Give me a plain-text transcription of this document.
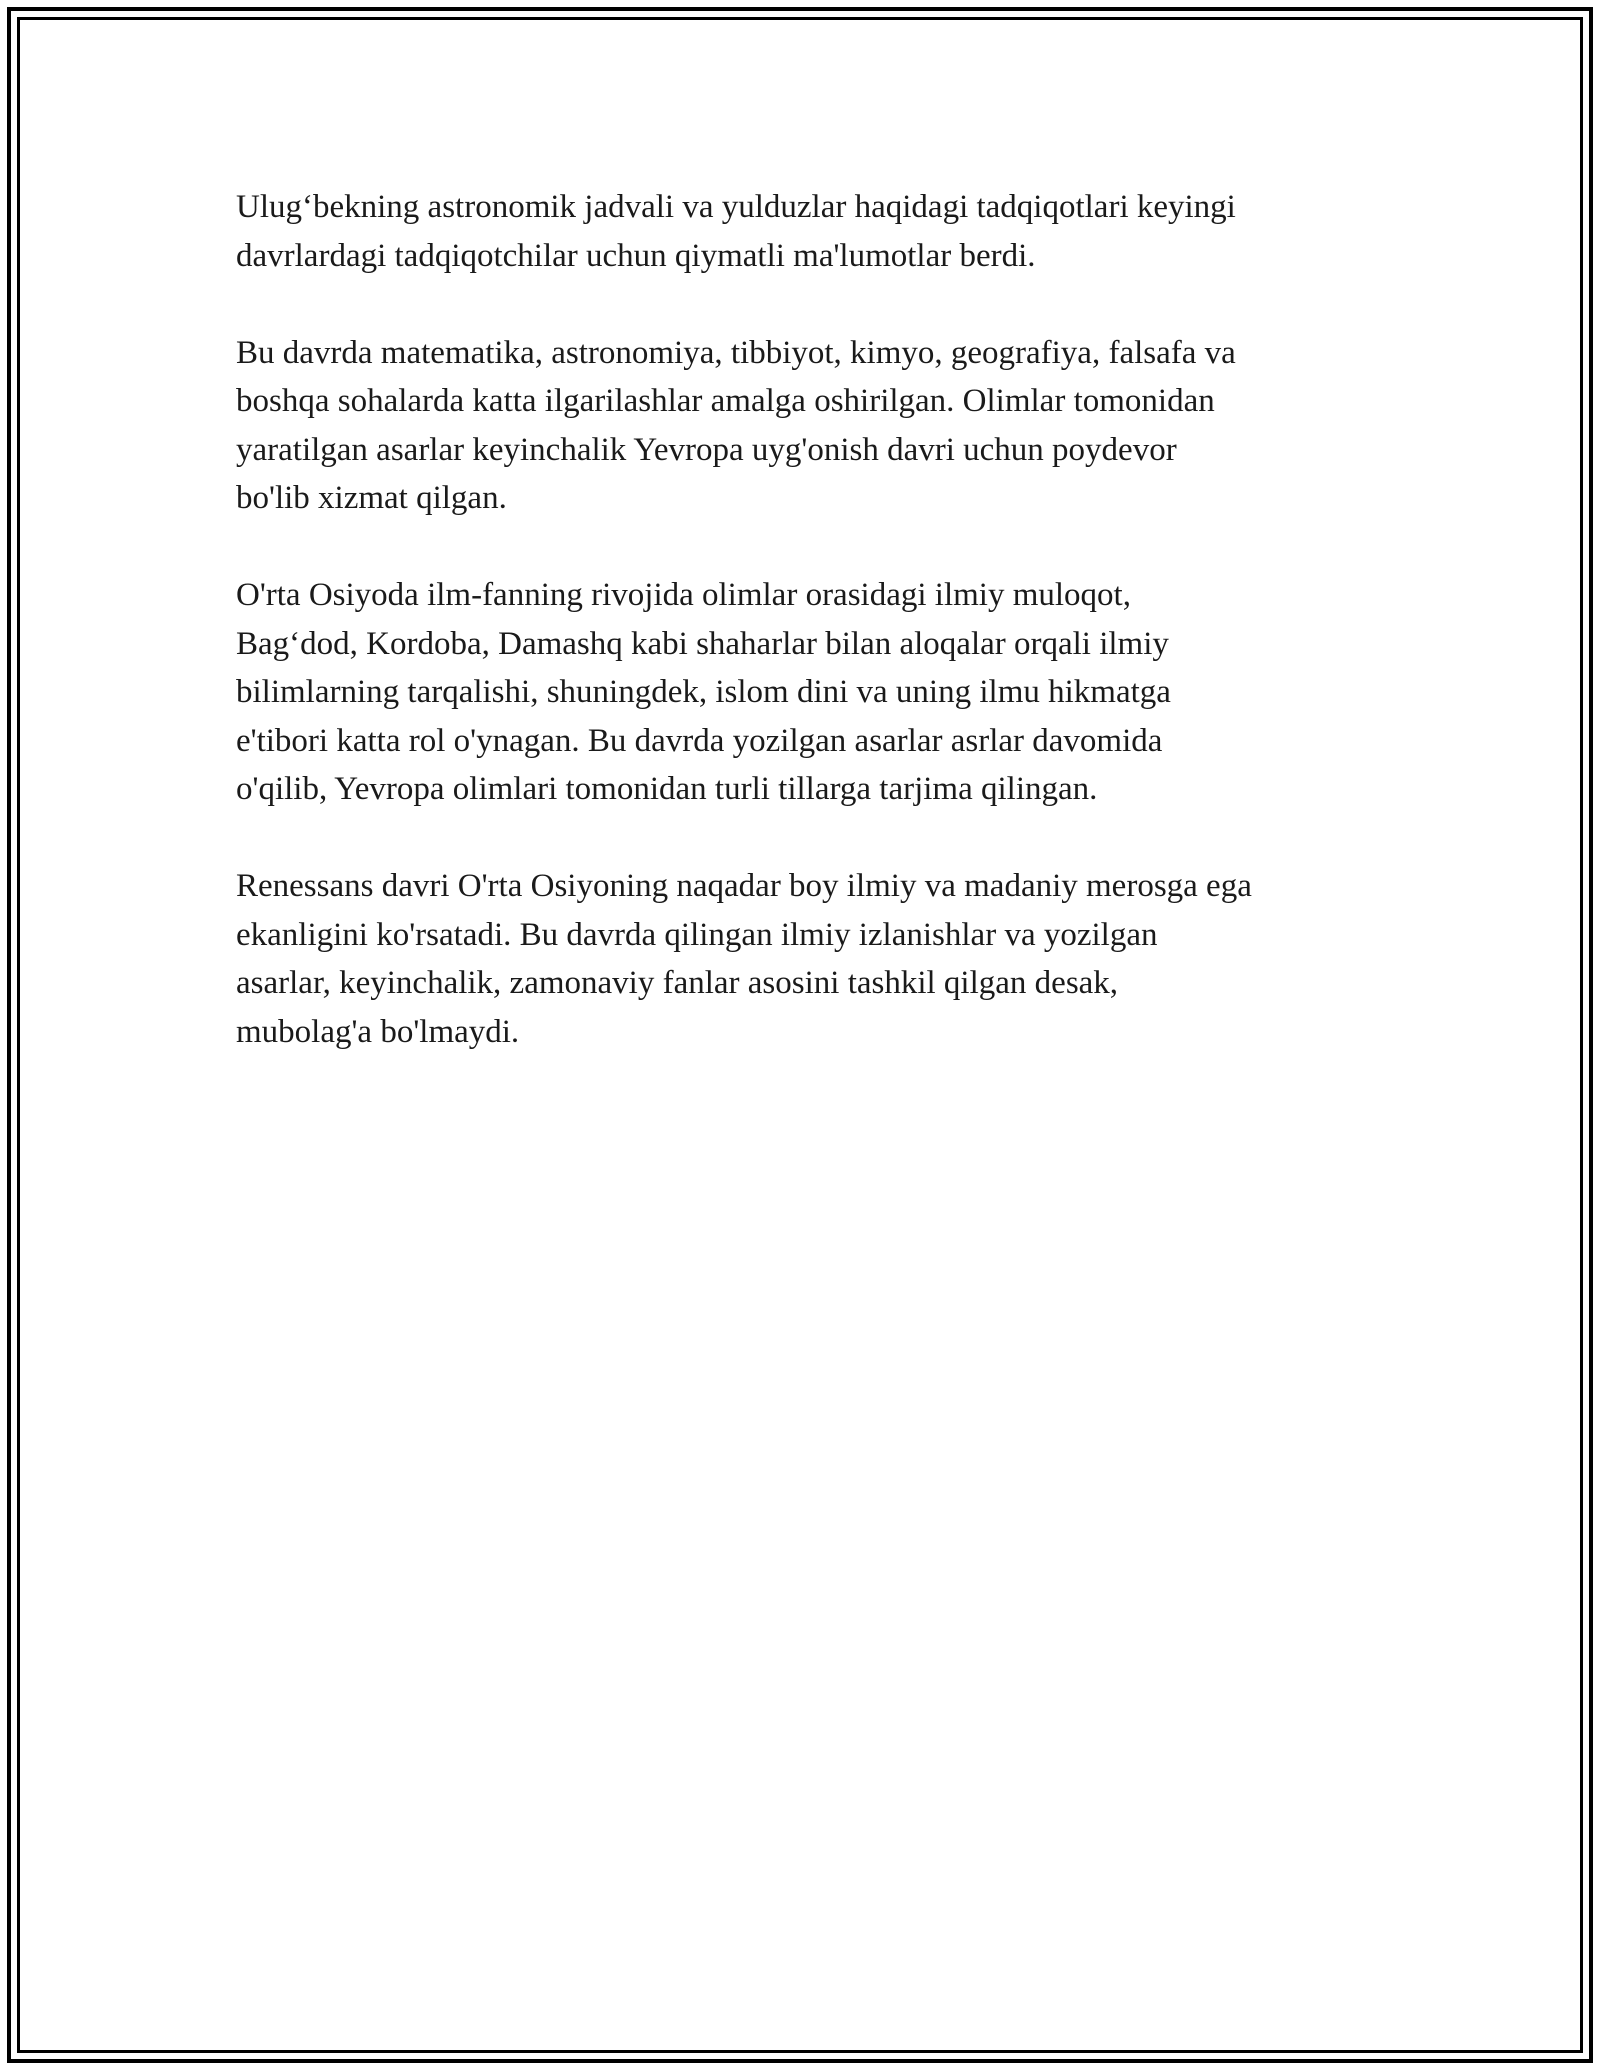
Ulug‘bekning astronomik jadvali va yulduzlar haqidagi tadqiqotlari keyingi
davrlardagi tadqiqotchilar uchun qiymatli ma'lumotlar berdi.

Bu davrda matematika, astronomiya, tibbiyot, kimyo, geografiya, falsafa va
boshqa sohalarda katta ilgarilashlar amalga oshirilgan. Olimlar tomonidan
yaratilgan asarlar keyinchalik Yevropa uyg'onish davri uchun poydevor
bo'lib xizmat qilgan.

O'rta Osiyoda ilm-fanning rivojida olimlar orasidagi ilmiy muloqot,
Bag‘dod, Kordoba, Damashq kabi shaharlar bilan aloqalar orqali ilmiy
bilimlarning tarqalishi, shuningdek, islom dini va uning ilmu hikmatga
e'tibori katta rol o'ynagan. Bu davrda yozilgan asarlar asrlar davomida
o'qilib, Yevropa olimlari tomonidan turli tillarga tarjima qilingan.

Renessans davri O'rta Osiyoning naqadar boy ilmiy va madaniy merosga ega
ekanligini ko'rsatadi. Bu davrda qilingan ilmiy izlanishlar va yozilgan
asarlar, keyinchalik, zamonaviy fanlar asosini tashkil qilgan desak,
mubolag'a bo'lmaydi.
